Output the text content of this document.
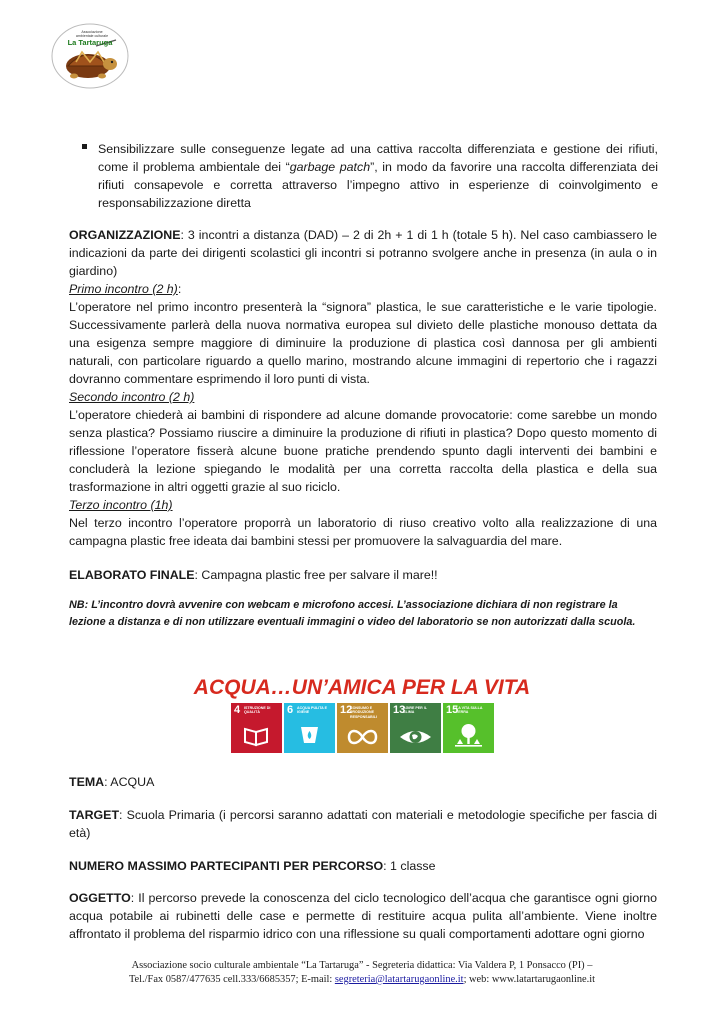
Associazione
ambientale culturale
La Tartaruga
Sensibilizzare sulle conseguenze legate ad una cattiva raccolta differenziata e gestione dei rifiuti, come il problema ambientale dei “garbage patch”, in modo da favorire una raccolta differenziata dei rifiuti consapevole e corretta attraverso l’impegno attivo in esperienze di coinvolgimento e responsabilizzazione diretta
ORGANIZZAZIONE: 3 incontri a distanza (DAD) – 2 di 2h + 1 di 1 h (totale 5 h). Nel caso cambiassero le indicazioni da parte dei dirigenti scolastici gli incontri si potranno svolgere anche in presenza (in aula o in giardino)
Primo incontro (2 h):
L’operatore nel primo incontro presenterà la “signora” plastica, le sue caratteristiche e le varie tipologie. Successivamente parlerà della nuova normativa europea sul divieto delle plastiche monouso dettata da una esigenza sempre maggiore di diminuire la produzione di plastica così dannosa per gli ambienti naturali, con particolare riguardo a quello marino, mostrando alcune immagini di repertorio che i ragazzi dovranno commentare esprimendo il loro punti di vista.
Secondo incontro (2 h)
L’operatore chiederà ai bambini di rispondere ad alcune domande provocatorie: come sarebbe un mondo senza plastica? Possiamo riuscire a diminuire la produzione di rifiuti in plastica? Dopo questo momento di riflessione l’operatore fisserà alcune buone pratiche prendendo spunto dagli interventi dei bambini e concluderà la lezione spiegando le modalità per una corretta raccolta della plastica e della sua trasformazione in altri oggetti grazie al suo riciclo.
Terzo incontro (1h)
Nel terzo incontro l’operatore proporrà un laboratorio di riuso creativo volto alla realizzazione di una campagna plastic free ideata dai bambini stessi per promuovere la salvaguardia del mare.
ELABORATO FINALE: Campagna plastic free per salvare il mare!!
NB: L’incontro dovrà avvenire con webcam e microfono accesi. L’associazione dichiara di non registrare la lezione a distanza e di non utilizzare eventuali immagini o video del laboratorio se non autorizzati dalla scuola.
ACQUA…UN’AMICA PER LA VITA
4 ISTRUZIONE DI QUALITÀ	6 ACQUA PULITA E IGIENE	12
CONSUMO E PRODUZIONE RESPONSABILI
13
AGIRE PER IL CLIMA	15
LA VITA SULLA TERRA
TEMA: ACQUA
TARGET: Scuola Primaria (i percorsi saranno adattati con materiali e metodologie specifiche per fascia di età)
NUMERO MASSIMO PARTECIPANTI PER PERCORSO: 1 classe
OGGETTO: Il percorso prevede la conoscenza del ciclo tecnologico dell’acqua che garantisce ogni giorno acqua potabile ai rubinetti delle case e permette di restituire acqua pulita all’ambiente. Viene inoltre affrontato il problema del risparmio idrico con una riflessione su quali comportamenti adottare ogni giorno
Associazione socio culturale ambientale “La Tartaruga” - Segreteria didattica: Via Valdera P, 1 Ponsacco (PI) –
Tel./Fax 0587/477635 cell.333/6685357; E-mail: segreteria@latartarugaonline.it; web: www.latartarugaonline.it
